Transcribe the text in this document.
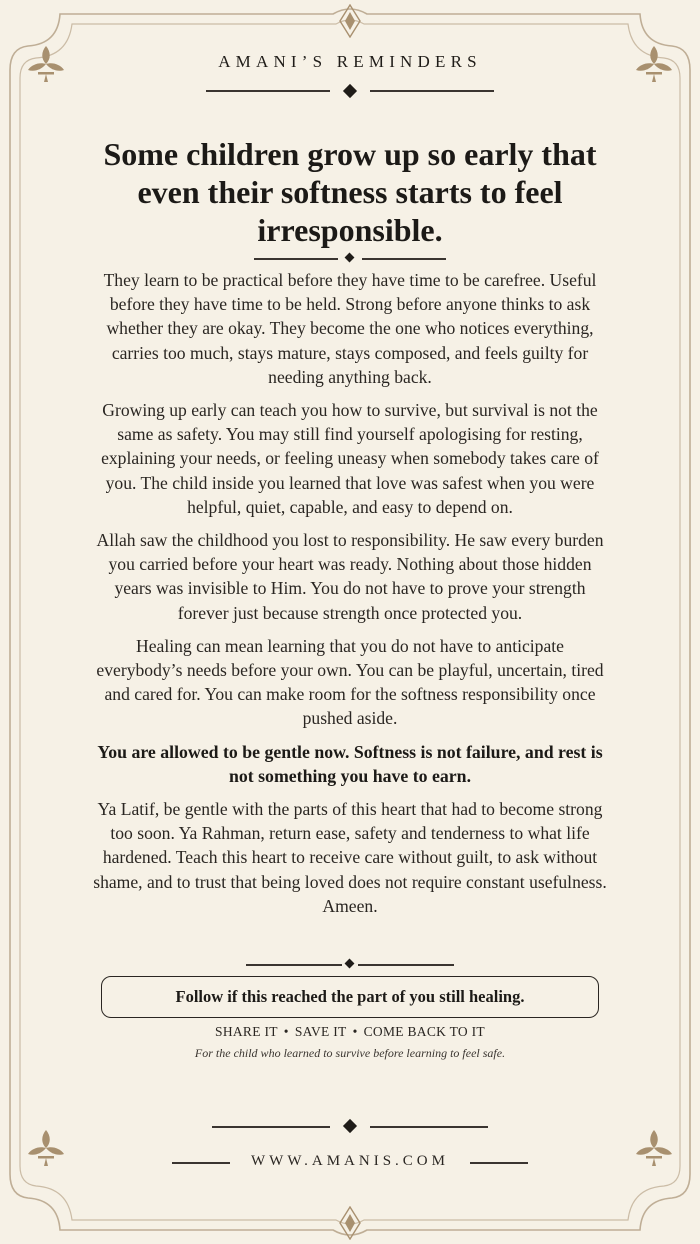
AMANI’S REMINDERS
Some children grow up so early that even their softness starts to feel irresponsible.

They learn to be practical before they have time to be carefree. Useful before they have time to be held. Strong before anyone thinks to ask whether they are okay. They become the one who notices everything, carries too much, stays mature, stays composed, and feels guilty for needing anything back.

Growing up early can teach you how to survive, but survival is not the same as safety. You may still find yourself apologising for resting, explaining your needs, or feeling uneasy when somebody takes care of you. The child inside you learned that love was safest when you were helpful, quiet, capable, and easy to depend on.

Allah saw the childhood you lost to responsibility. He saw every burden you carried before your heart was ready. Nothing about those hidden years was invisible to Him. You do not have to prove your strength forever just because strength once protected you.

Healing can mean learning that you do not have to anticipate everybody’s needs before your own. You can be playful, uncertain, tired and cared for. You can make room for the softness responsibility once pushed aside.

You are allowed to be gentle now. Softness is not failure, and rest is not something you have to earn.

Ya Latif, be gentle with the parts of this heart that had to become strong too soon. Ya Rahman, return ease, safety and tenderness to what life hardened. Teach this heart to receive care without guilt, to ask without shame, and to trust that being loved does not require constant usefulness. Ameen.

Follow if this reached the part of you still healing.
SHARE IT • SAVE IT • COME BACK TO IT
For the child who learned to survive before learning to feel safe.
WWW.AMANIS.COM
